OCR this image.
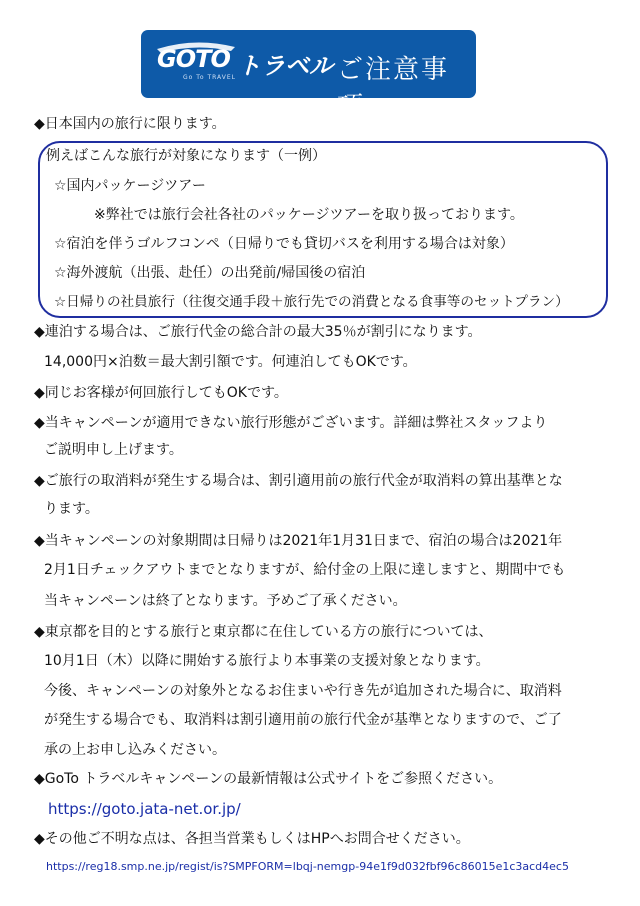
GOTO
Go To TRAVEL トラベル ご注意事項
◆日本国内の旅行に限ります。
例えばこんな旅行が対象になります（一例）
☆国内パッケージツアー
※弊社では旅行会社各社のパッケージツアーを取り扱っております。
☆宿泊を伴うゴルフコンペ（日帰りでも貸切バスを利用する場合は対象）
☆海外渡航（出張、赴任）の出発前/帰国後の宿泊
☆日帰りの社員旅行（往復交通手段＋旅行先での消費となる食事等のセットプラン）
◆連泊する場合は、ご旅行代金の総合計の最大35％が割引になります。
14,000円×泊数＝最大割引額です。何連泊してもOKです。
◆同じお客様が何回旅行してもOKです。
◆当キャンペーンが適用できない旅行形態がございます。詳細は弊社スタッフより
ご説明申し上げます。
◆ご旅行の取消料が発生する場合は、割引適用前の旅行代金が取消料の算出基準とな
ります。
◆当キャンペーンの対象期間は日帰りは2021年1月31日まで、宿泊の場合は2021年
2月1日チェックアウトまでとなりますが、給付金の上限に達しますと、期間中でも
当キャンペーンは終了となります。予めご了承ください。
◆東京都を目的とする旅行と東京都に在住している方の旅行については、
10月1日（木）以降に開始する旅行より本事業の支援対象となります。
今後、キャンペーンの対象外となるお住まいや行き先が追加された場合に、取消料
が発生する場合でも、取消料は割引適用前の旅行代金が基準となりますので、ご了
承の上お申し込みください。
◆GoTo トラベルキャンペーンの最新情報は公式サイトをご参照ください。
https://goto.jata-net.or.jp/
◆その他ご不明な点は、各担当営業もしくはHPへお問合せください。
https://reg18.smp.ne.jp/regist/is?SMPFORM=lbqj-nemgp-94e1f9d032fbf96c86015e1c3acd4ec5
